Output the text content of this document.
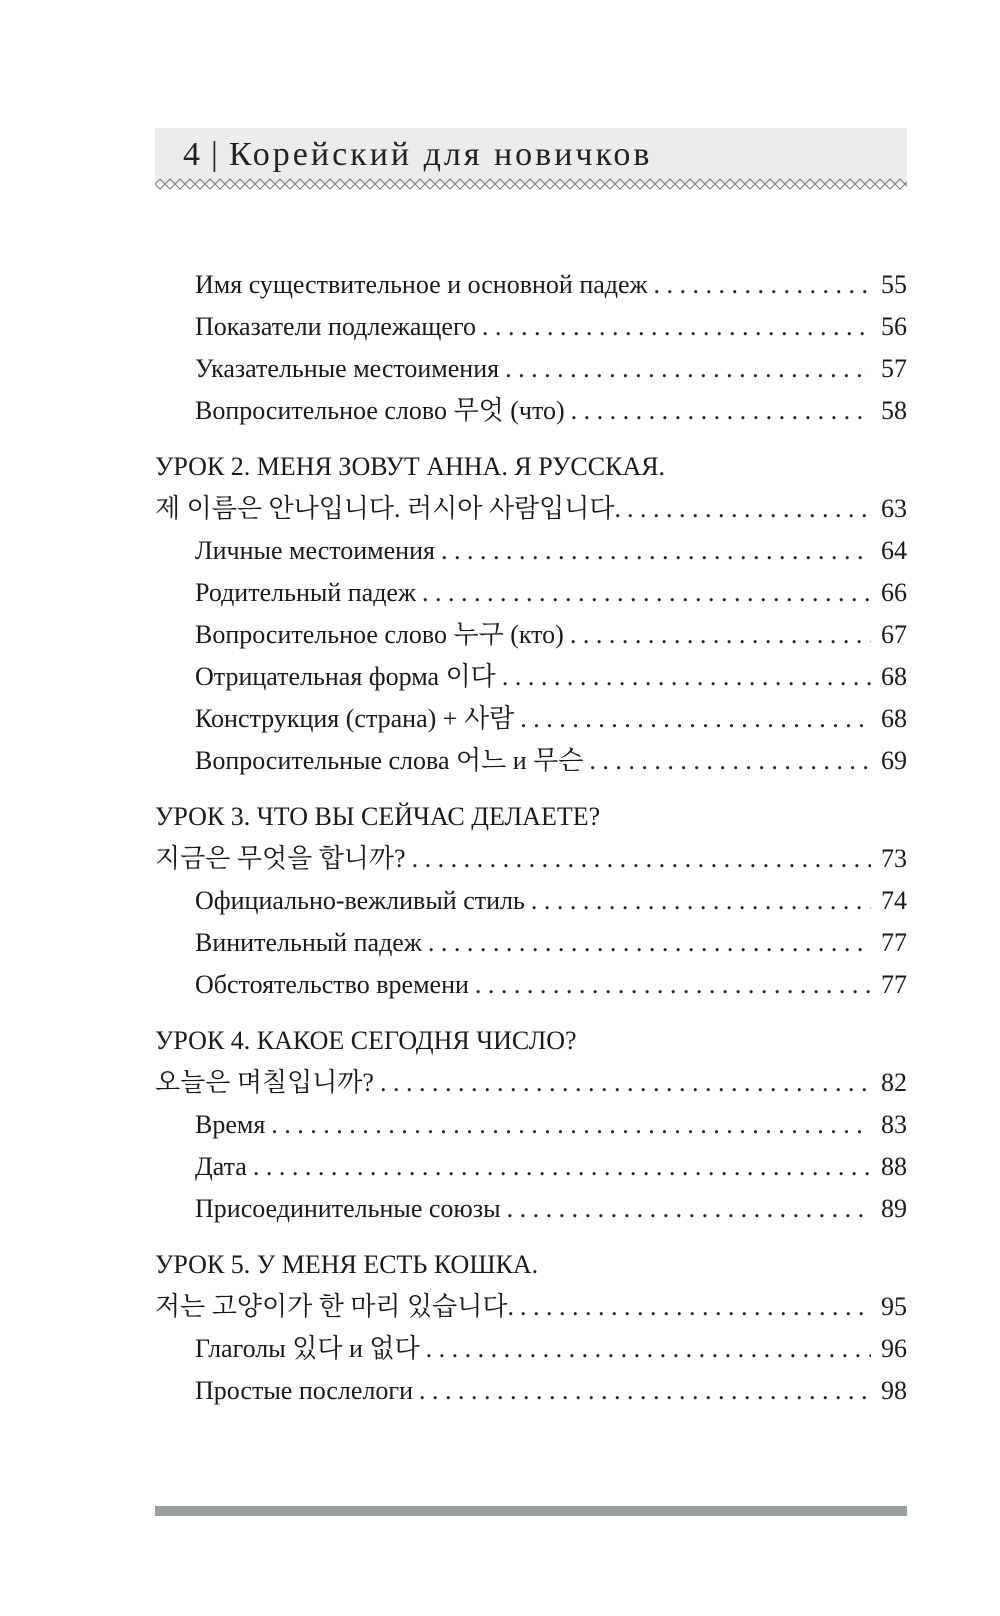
4 | Корейский для новичков
Имя существительное и основной падеж . . .	55
Показатели подлежащего . . .	56
Указательные местоимения . . .	57
Вопросительное слово 무엇 (что) . . .	58
УРОК 2. МЕНЯ ЗОВУТ АННА. Я РУССКАЯ.
제 이름은 안나입니다. 러시아 사람입니다. . . .	63
Личные местоимения . . .	64
Родительный падеж . . .	66
Вопросительное слово 누구 (кто) . . .	67
Отрицательная форма 이다 . . .	68
Конструкция (страна) + 사람 . . .	68
Вопросительные слова 어느 и 무슨 . . .	69
УРОК 3. ЧТО ВЫ СЕЙЧАС ДЕЛАЕТЕ?
지금은 무엇을 합니까? . . .	73
Официально-вежливый стиль . . .	74
Винительный падеж . . .	77
Обстоятельство времени . . .	77
УРОК 4. КАКОЕ СЕГОДНЯ ЧИСЛО?
오늘은 며칠입니까? . . .	82
Время . . .	83
Дата . . .	88
Присоединительные союзы . . .	89
УРОК 5. У МЕНЯ ЕСТЬ КОШКА.
저는 고양이가 한 마리 있습니다. . . .	95
Глаголы 있다 и 없다 . . .	96
Простые послелоги . . .	98
